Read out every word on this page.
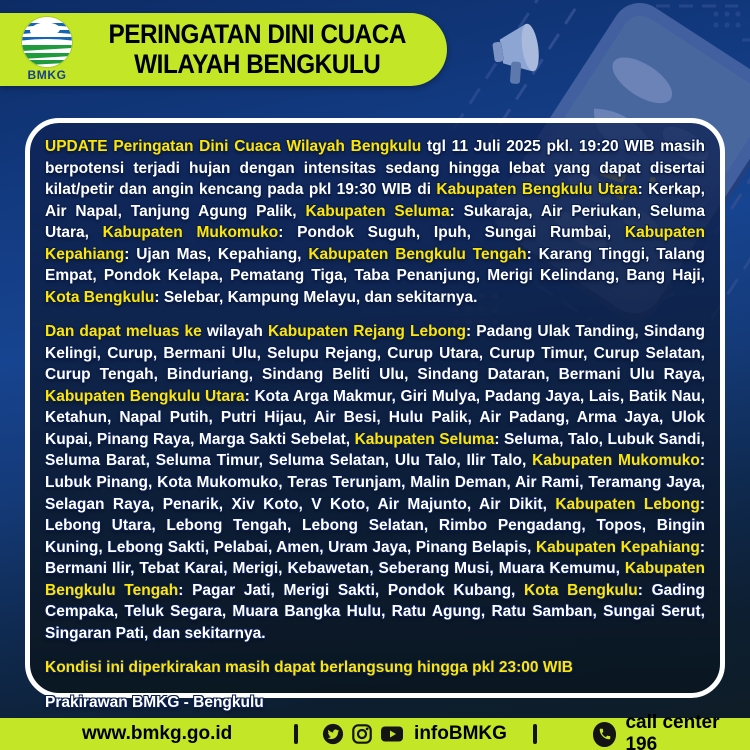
BMKG
PERINGATAN DINI CUACA
WILAYAH BENGKULU

UPDATE Peringatan Dini Cuaca Wilayah Bengkulu tgl 11 Juli 2025 pkl. 19:20 WIB masih berpotensi terjadi hujan dengan intensitas sedang hingga lebat yang dapat disertai kilat/petir dan angin kencang pada pkl 19:30 WIB di Kabupaten Bengkulu Utara: Kerkap, Air Napal, Tanjung Agung Palik, Kabupaten Seluma: Sukaraja, Air Periukan, Seluma Utara, Kabupaten Mukomuko: Pondok Suguh, Ipuh, Sungai Rumbai, Kabupaten Kepahiang: Ujan Mas, Kepahiang, Kabupaten Bengkulu Tengah: Karang Tinggi, Talang Empat, Pondok Kelapa, Pematang Tiga, Taba Penanjung, Merigi Kelindang, Bang Haji, Kota Bengkulu: Selebar, Kampung Melayu, dan sekitarnya.

Dan dapat meluas ke wilayah Kabupaten Rejang Lebong: Padang Ulak Tanding, Sindang Kelingi, Curup, Bermani Ulu, Selupu Rejang, Curup Utara, Curup Timur, Curup Selatan, Curup Tengah, Binduriang, Sindang Beliti Ulu, Sindang Dataran, Bermani Ulu Raya, Kabupaten Bengkulu Utara: Kota Arga Makmur, Giri Mulya, Padang Jaya, Lais, Batik Nau, Ketahun, Napal Putih, Putri Hijau, Air Besi, Hulu Palik, Air Padang, Arma Jaya, Ulok Kupai, Pinang Raya, Marga Sakti Sebelat, Kabupaten Seluma: Seluma, Talo, Lubuk Sandi, Seluma Barat, Seluma Timur, Seluma Selatan, Ulu Talo, Ilir Talo, Kabupaten Mukomuko: Lubuk Pinang, Kota Mukomuko, Teras Terunjam, Malin Deman, Air Rami, Teramang Jaya, Selagan Raya, Penarik, Xiv Koto, V Koto, Air Majunto, Air Dikit, Kabupaten Lebong: Lebong Utara, Lebong Tengah, Lebong Selatan, Rimbo Pengadang, Topos, Bingin Kuning, Lebong Sakti, Pelabai, Amen, Uram Jaya, Pinang Belapis, Kabupaten Kepahiang: Bermani Ilir, Tebat Karai, Merigi, Kebawetan, Seberang Musi, Muara Kemumu, Kabupaten Bengkulu Tengah: Pagar Jati, Merigi Sakti, Pondok Kubang, Kota Bengkulu: Gading Cempaka, Teluk Segara, Muara Bangka Hulu, Ratu Agung, Ratu Samban, Sungai Serut, Singaran Pati, dan sekitarnya.

Kondisi ini diperkirakan masih dapat berlangsung hingga pkl 23:00 WIB

Prakirawan BMKG - Bengkulu

www.bmkg.go.id	infoBMKG
call center 196
